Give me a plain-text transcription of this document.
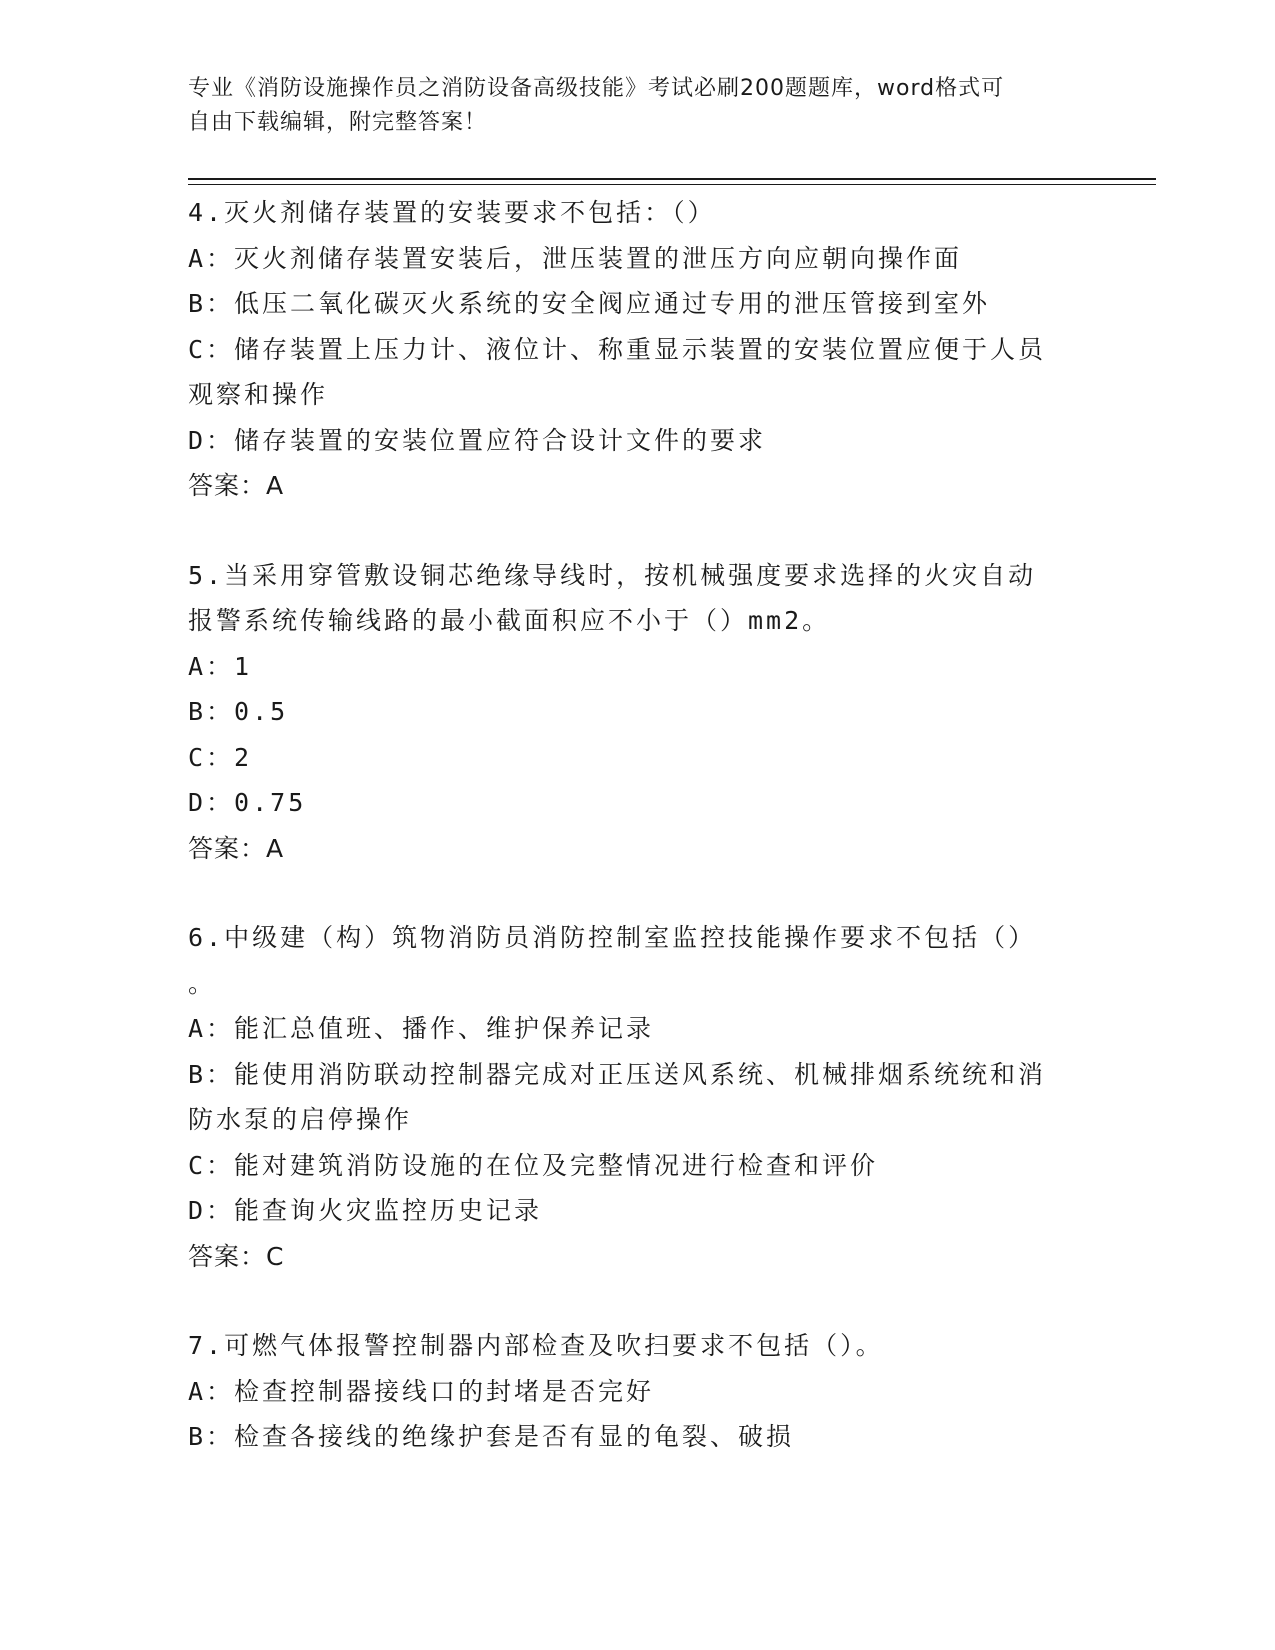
专业《消防设施操作员之消防设备高级技能》考试必刷200题题库，word格式可
自由下载编辑，附完整答案！
4.灭火剂储存装置的安装要求不包括：（）
A：灭火剂储存装置安装后，泄压装置的泄压方向应朝向操作面
B：低压二氧化碳灭火系统的安全阀应通过专用的泄压管接到室外
C：储存装置上压力计、液位计、称重显示装置的安装位置应便于人员
观察和操作
D：储存装置的安装位置应符合设计文件的要求
答案：A
5.当采用穿管敷设铜芯绝缘导线时，按机械强度要求选择的火灾自动
报警系统传输线路的最小截面积应不小于（）mm2。
A：1
B：0.5
C：2
D：0.75
答案：A
6.中级建（构）筑物消防员消防控制室监控技能操作要求不包括（）
。
A：能汇总值班、播作、维护保养记录
B：能使用消防联动控制器完成对正压送风系统、机械排烟系统统和消
防水泵的启停操作
C：能对建筑消防设施的在位及完整情况进行检查和评价
D：能查询火灾监控历史记录
答案：C
7.可燃气体报警控制器内部检查及吹扫要求不包括（）。
A：检查控制器接线口的封堵是否完好
B：检查各接线的绝缘护套是否有显的龟裂、破损
